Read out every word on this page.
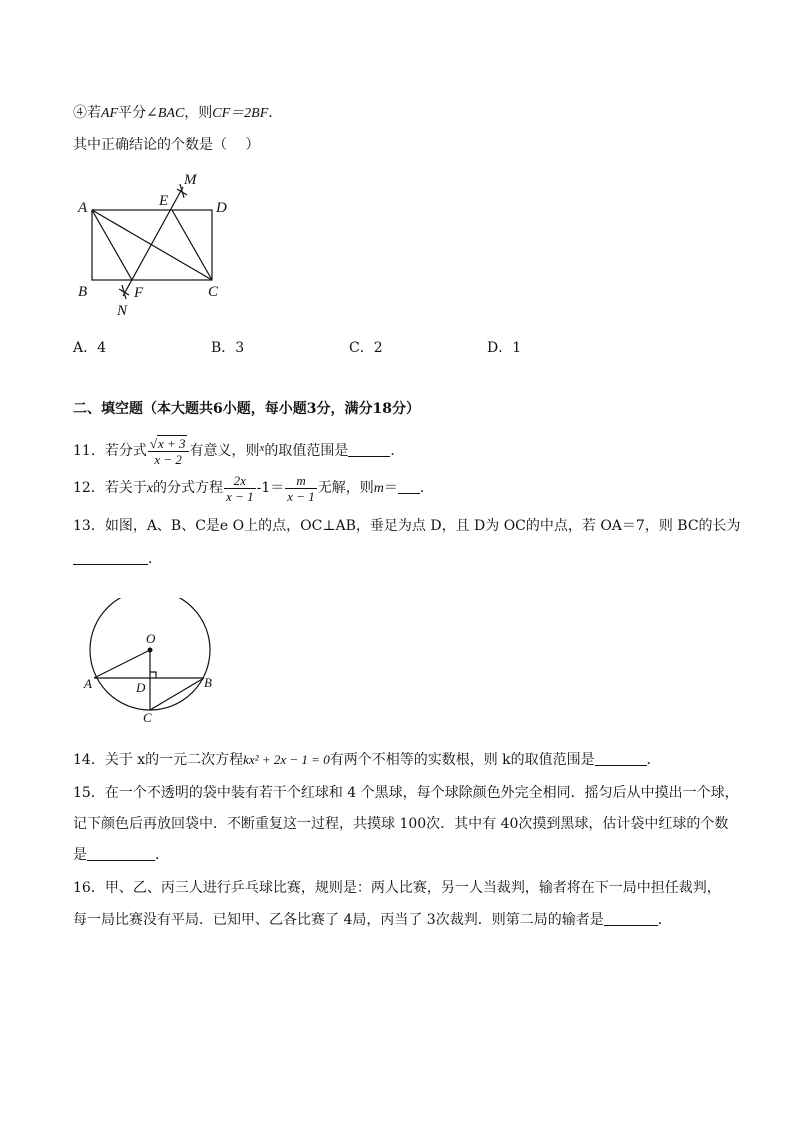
④若AF平分∠BAC，则CF＝2BF．
其中正确结论的个数是（　 ）
A	D
E
M
B	C
F
N
A．4	B．3	C．2	D．1
二、填空题（本大题共6小题，每小题3分，满分18分）
11．若分式 $\frac{√x + 3}{x - 2}$ 有意义，则$^x$的取值范围是	．
12．若关于x的分式方程 $\frac{2x}{x - 1} -1= \frac{m}{x - 1}$ 无解，则m＝ ．
13．如图，A、B、C是e O上的点，OC⊥AB，垂足为点 D，且 D为 OC的中点，若 OA＝7，则 BC的长为
．
O
A	B
D
C
14．关于 x的一元二次方程kx² + 2x − 1 = 0有两个不相等的实数根，则 k的取值范围是	．
15．在一个不透明的袋中装有若干个红球和 4 个黑球，每个球除颜色外完全相同．摇匀后从中摸出一个球，
记下颜色后再放回袋中．不断重复这一过程，共摸球 100次．其中有 40次摸到黑球，估计袋中红球的个数
是	．
16．甲、乙、丙三人进行乒乓球比赛，规则是：两人比赛，另一人当裁判，输者将在下一局中担任裁判，
每一局比赛没有平局．已知甲、乙各比赛了 4局，丙当了 3次裁判．则第二局的输者是	．
